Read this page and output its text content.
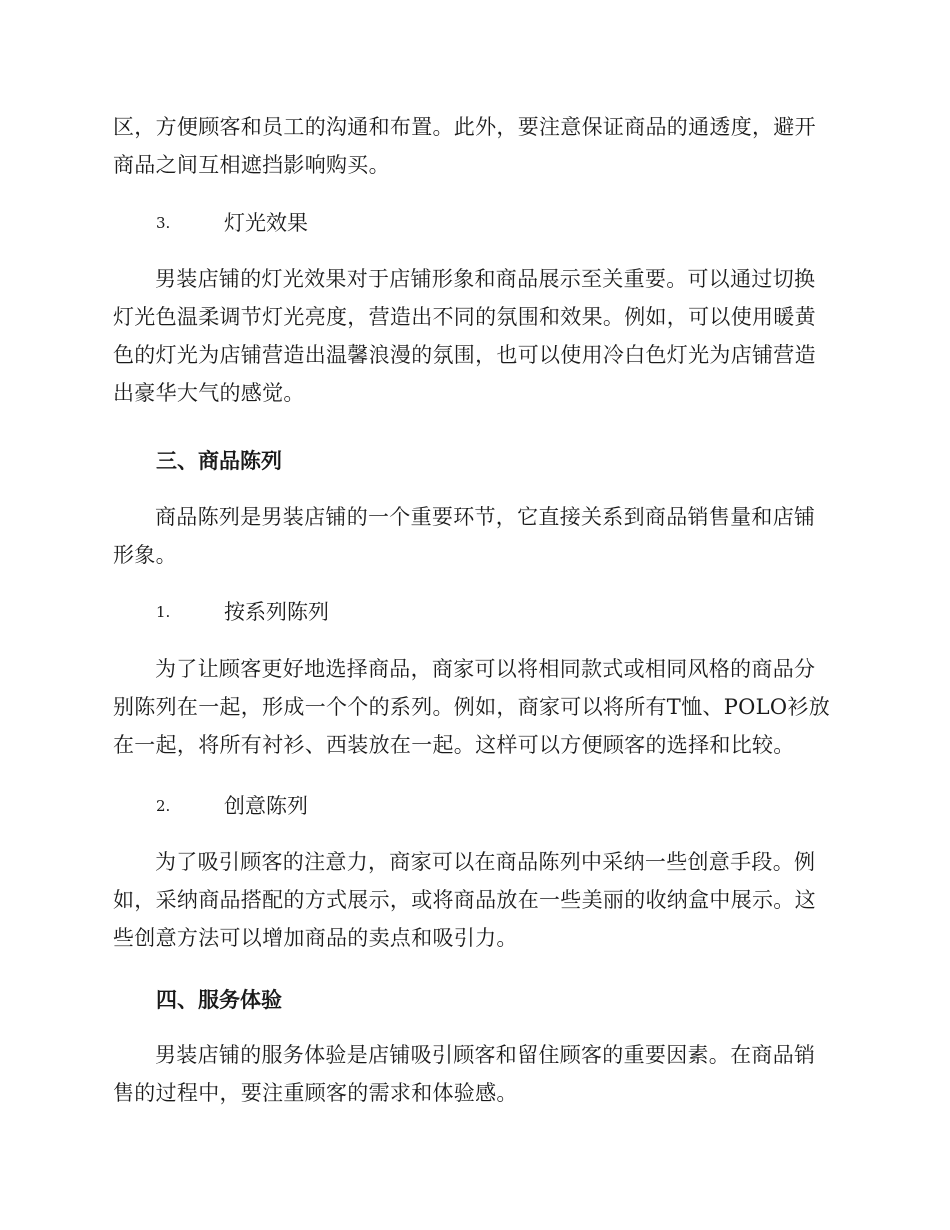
区，方便顾客和员工的沟通和布置。此外，要注意保证商品的通透度，避开商品之间互相遮挡影响购买。

3.	灯光效果

男装店铺的灯光效果对于店铺形象和商品展示至关重要。可以通过切换灯光色温柔调节灯光亮度，营造出不同的氛围和效果。例如，可以使用暖黄色的灯光为店铺营造出温馨浪漫的氛围，也可以使用冷白色灯光为店铺营造出豪华大气的感觉。

三、商品陈列

商品陈列是男装店铺的一个重要环节，它直接关系到商品销售量和店铺形象。

1.	按系列陈列

为了让顾客更好地选择商品，商家可以将相同款式或相同风格的商品分别陈列在一起，形成一个个的系列。例如，商家可以将所有T恤、POLO衫放在一起，将所有衬衫、西装放在一起。这样可以方便顾客的选择和比较。

2.	创意陈列

为了吸引顾客的注意力，商家可以在商品陈列中采纳一些创意手段。例如，采纳商品搭配的方式展示，或将商品放在一些美丽的收纳盒中展示。这些创意方法可以增加商品的卖点和吸引力。

四、服务体验

男装店铺的服务体验是店铺吸引顾客和留住顾客的重要因素。在商品销售的过程中，要注重顾客的需求和体验感。
